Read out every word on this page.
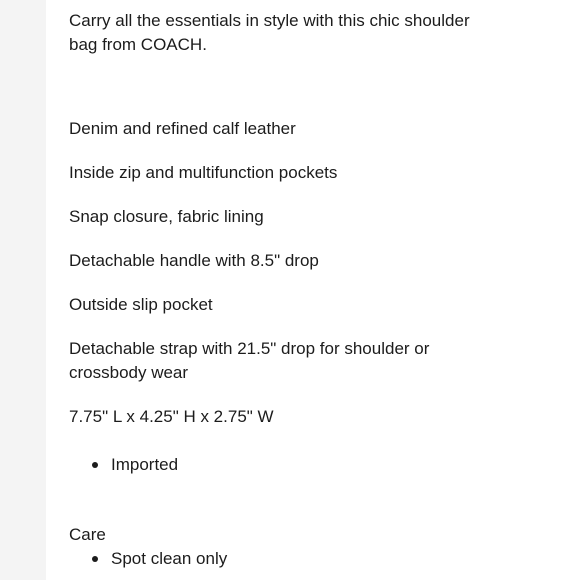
Carry all the essentials in style with this chic shoulder

bag from COACH.

Denim and refined calf leather

Inside zip and multifunction pockets

Snap closure, fabric lining

Detachable handle with 8.5" drop

Outside slip pocket

Detachable strap with 21.5" drop for shoulder or

crossbody wear

7.75" L x 4.25" H x 2.75" W

Imported

Care

Spot clean only
